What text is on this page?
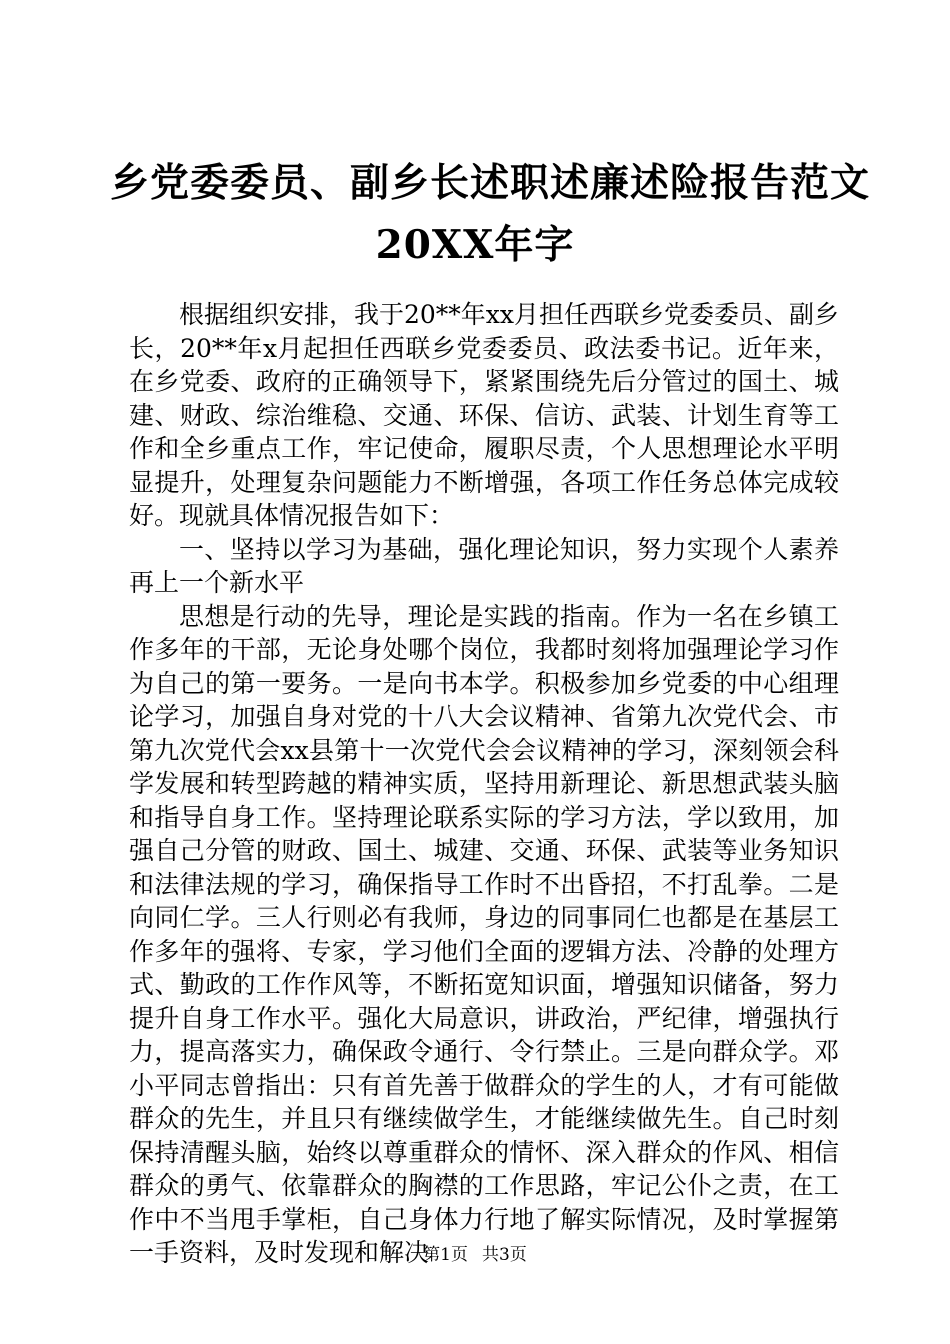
乡党委委员、副乡长述职述廉述险报告范文
20XX年字

根据组织安排，我于20**年xx月担任西联乡党委委员、副乡长，20**年x月起担任西联乡党委委员、政法委书记。近年来，在乡党委、政府的正确领导下，紧紧围绕先后分管过的国土、城建、财政、综治维稳、交通、环保、信访、武装、计划生育等工作和全乡重点工作，牢记使命，履职尽责，个人思想理论水平明显提升，处理复杂问题能力不断增强，各项工作任务总体完成较好。现就具体情况报告如下：

一、坚持以学习为基础，强化理论知识，努力实现个人素养再上一个新水平

思想是行动的先导，理论是实践的指南。作为一名在乡镇工作多年的干部，无论身处哪个岗位，我都时刻将加强理论学习作为自己的第一要务。一是向书本学。积极参加乡党委的中心组理论学习，加强自身对党的十八大会议精神、省第九次党代会、市第九次党代会xx县第十一次党代会会议精神的学习，深刻领会科学发展和转型跨越的精神实质，坚持用新理论、新思想武装头脑和指导自身工作。坚持理论联系实际的学习方法，学以致用，加强自己分管的财政、国土、城建、交通、环保、武装等业务知识和法律法规的学习，确保指导工作时不出昏招，不打乱拳。二是向同仁学。三人行则必有我师，身边的同事同仁也都是在基层工作多年的强将、专家，学习他们全面的逻辑方法、冷静的处理方式、勤政的工作作风等，不断拓宽知识面，增强知识储备，努力提升自身工作水平。强化大局意识，讲政治，严纪律，增强执行力，提高落实力，确保政令通行、令行禁止。三是向群众学。邓小平同志曾指出：只有首先善于做群众的学生的人，才有可能做群众的先生，并且只有继续做学生，才能继续做先生。自己时刻保持清醒头脑，始终以尊重群众的情怀、深入群众的作风、相信群众的勇气、依靠群众的胸襟的工作思路，牢记公仆之责，在工作中不当甩手掌柜，自己身体力行地了解实际情况，及时掌握第一手资料，及时发现和解决

第1页 共3页
